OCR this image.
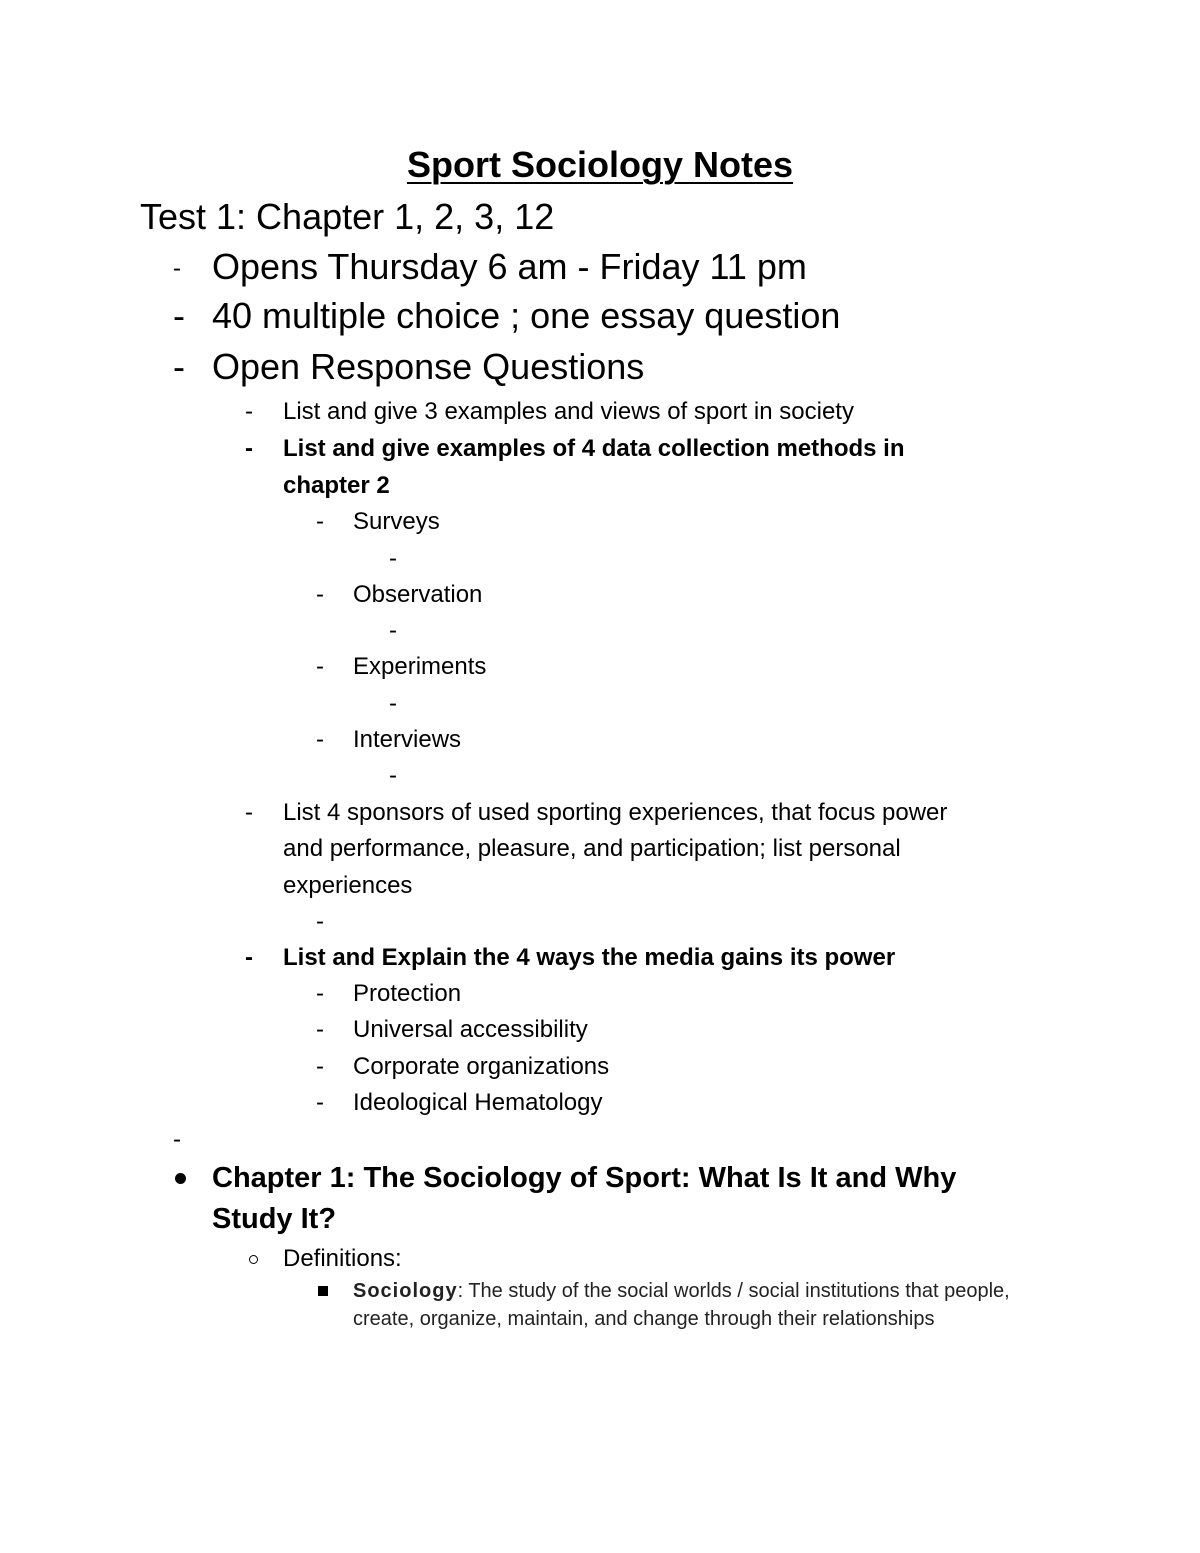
Sport Sociology Notes
Test 1: Chapter 1, 2, 3, 12
- Opens Thursday 6 am - Friday 11 pm
- 40 multiple choice ; one essay question
- Open Response Questions
- List and give 3 examples and views of sport in society
- List and give examples of 4 data collection methods in
chapter 2
- Surveys
-
- Observation
-
- Experiments
-
- Interviews
-
- List 4 sponsors of used sporting experiences, that focus power
and performance, pleasure, and participation; list personal
experiences
-
- List and Explain the 4 ways the media gains its power
- Protection
- Universal accessibility
- Corporate organizations
- Ideological Hematology
-
Chapter 1: The Sociology of Sport: What Is It and Why
Study It?
Definitions:
Sociology: The study of the social worlds / social institutions that people,
create, organize, maintain, and change through their relationships
